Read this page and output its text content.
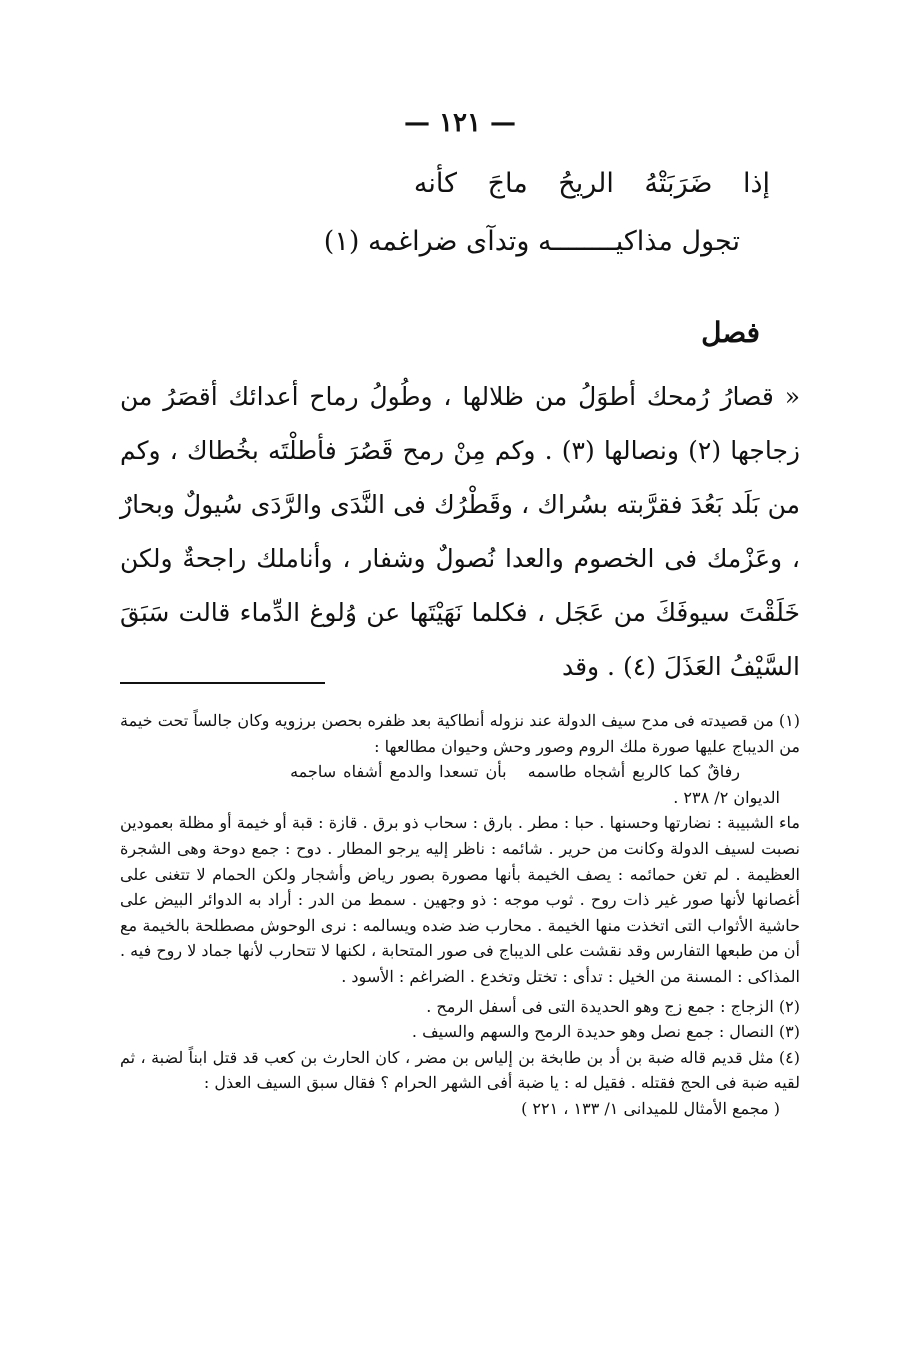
— ١٢١ —
إذا ضَرَبَتْهُ الريحُ ماجَ كأنه
تجول مذاكيــــــــه وتدآى ضراغمه (١)
فصل
« قصارُ رُمحك أطوَلُ من ظلالها ، وطُولُ رماح أعدائك أقصَرُ من زجاجها (٢) ونصالها (٣) . وكم مِنْ رمح قَصُرَ فأطلْتَه بخُطاك ، وكم من بَلَد بَعُدَ فقرَّبته بسُراك ، وقَطْرُك فى النَّدَى والرَّدَى سُيولٌ وبحارٌ ، وعَزْمك فى الخصوم والعدا نُصولٌ وشفار ، وأناملك راجحةٌ ولكن خَلَقْتَ سيوفَكَ من عَجَل ، فكلما نَهَيْتَها عن وُلوغ الدِّماء قالت سَبَقَ السَّيْفُ العَذَلَ (٤) . وقد

(١) من قصيدته فى مدح سيف الدولة عند نزوله أنطاكية بعد ظفره بحصن برزويه وكان جالساً تحت خيمة من الديباج عليها صورة ملك الروم وصور وحش وحيوان مطالعها :

رفاقٌ كما كالربع أشجاه طاسمه ‍ ‍ بأن تسعدا والدمع أشفاه ساجمه

الديوان ٢/ ٢٣٨ .

ماء الشبيبة : نضارتها وحسنها . حبا : مطر . بارق : سحاب ذو برق . قازة : قبة أو خيمة أو مظلة بعمودين نصبت لسيف الدولة وكانت من حرير . شائمه : ناظر إليه يرجو المطار . دوح : جمع دوحة وهى الشجرة العظيمة . لم تغن حمائمه : يصف الخيمة بأنها مصورة بصور رياض وأشجار ولكن الحمام لا تتغنى على أغصانها لأنها صور غير ذات روح . ثوب موجه : ذو وجهين . سمط من الدر : أراد به الدوائر البيض على حاشية الأثواب التى اتخذت منها الخيمة . محارب ضد ضده ويسالمه : نرى الوحوش مصطلحة بالخيمة مع أن من طبعها التفارس وقد نقشت على الديباج فى صور المتحابة ، لكنها لا تتحارب لأنها جماد لا روح فيه . المذاكى : المسنة من الخيل : تدأى : تختل وتخدع . الضراغم : الأسود .

(٢) الزجاج : جمع زج وهو الحديدة التى فى أسفل الرمح .

(٣) النصال : جمع نصل وهو حديدة الرمح والسهم والسيف .

(٤) مثل قديم قاله ضبة بن أد بن طابخة بن إلياس بن مضر ، كان الحارث بن كعب قد قتل ابناً لضبة ، ثم لقيه ضبة فى الحج فقتله . فقيل له : يا ضبة أفى الشهر الحرام ؟ فقال سبق السيف العذل :

( مجمع الأمثال للميدانى ١/ ١٣٣ ، ٢٢١ )
